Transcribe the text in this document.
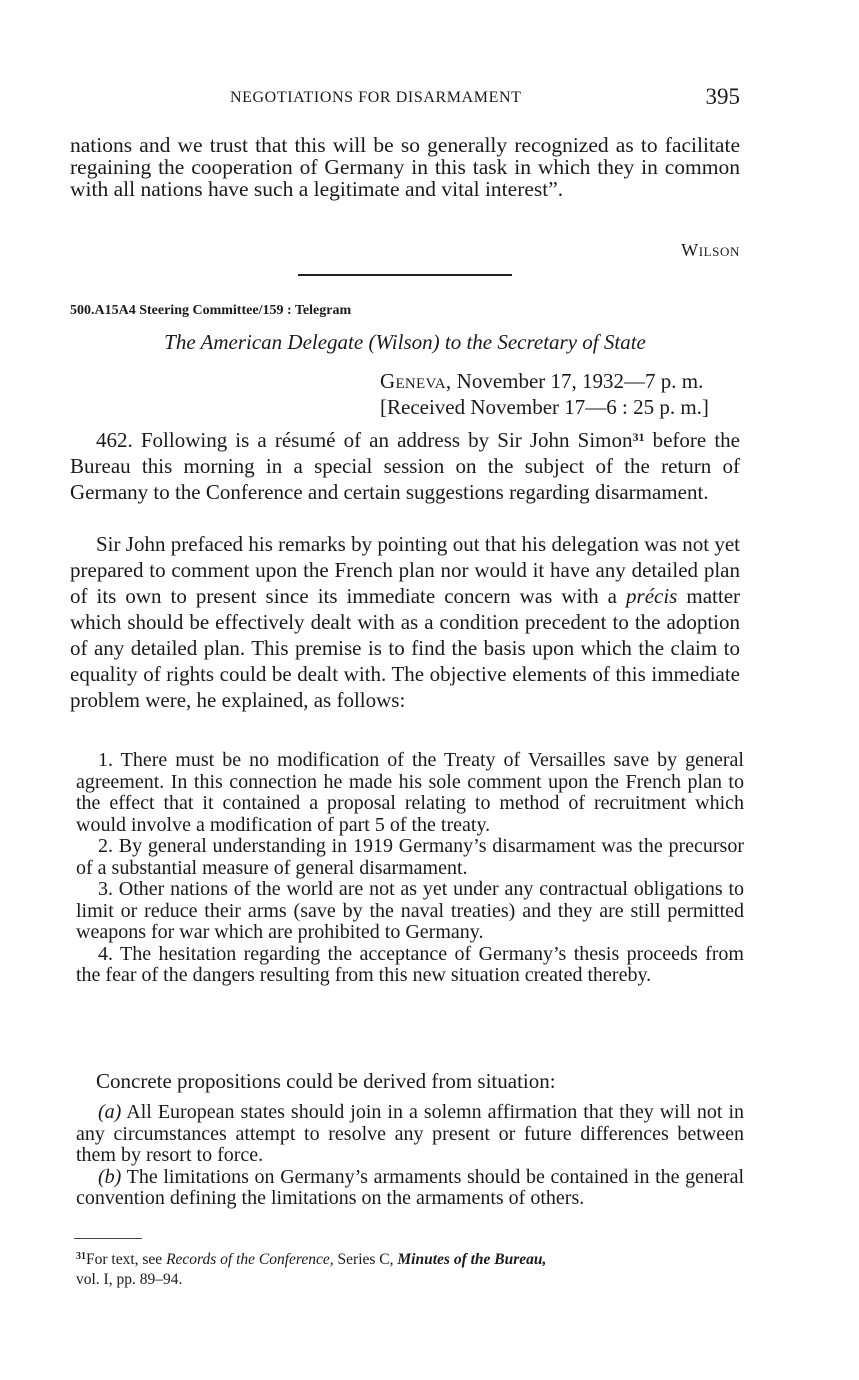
NEGOTIATIONS FOR DISARMAMENT	395
nations and we trust that this will be so generally recognized as to facilitate regaining the cooperation of Germany in this task in which they in common with all nations have such a legitimate and vital interest”.
Wilson
500.A15A4 Steering Committee/159 : Telegram
The American Delegate (Wilson) to the Secretary of State
Geneva, November 17, 1932—7 p. m.
[Received November 17—6 : 25 p. m.]
462. Following is a résumé of an address by Sir John Simon$^{31}$ before the Bureau this morning in a special session on the subject of the return of Germany to the Conference and certain suggestions regarding disarmament.
Sir John prefaced his remarks by pointing out that his delegation was not yet prepared to comment upon the French plan nor would it have any detailed plan of its own to present since its immediate concern was with a précis matter which should be effectively dealt with as a condition precedent to the adoption of any detailed plan. This premise is to find the basis upon which the claim to equality of rights could be dealt with. The objective elements of this immediate problem were, he explained, as follows:
1. There must be no modification of the Treaty of Versailles save by general agreement. In this connection he made his sole comment upon the French plan to the effect that it contained a proposal relating to method of recruitment which would involve a modification of part 5 of the treaty.
2. By general understanding in 1919 Germany’s disarmament was the precursor of a substantial measure of general disarmament.
3. Other nations of the world are not as yet under any contractual obligations to limit or reduce their arms (save by the naval treaties) and they are still permitted weapons for war which are prohibited to Germany.
4. The hesitation regarding the acceptance of Germany’s thesis proceeds from the fear of the dangers resulting from this new situation created thereby.
Concrete propositions could be derived from situation:
(a) All European states should join in a solemn affirmation that they will not in any circumstances attempt to resolve any present or future differences between them by resort to force.
(b) The limitations on Germany’s armaments should be contained in the general convention defining the limitations on the armaments of others.
$^{31}$For text, see Records of the Conference, Series C, Minutes of the Bureau,
vol. I, pp. 89–94.
